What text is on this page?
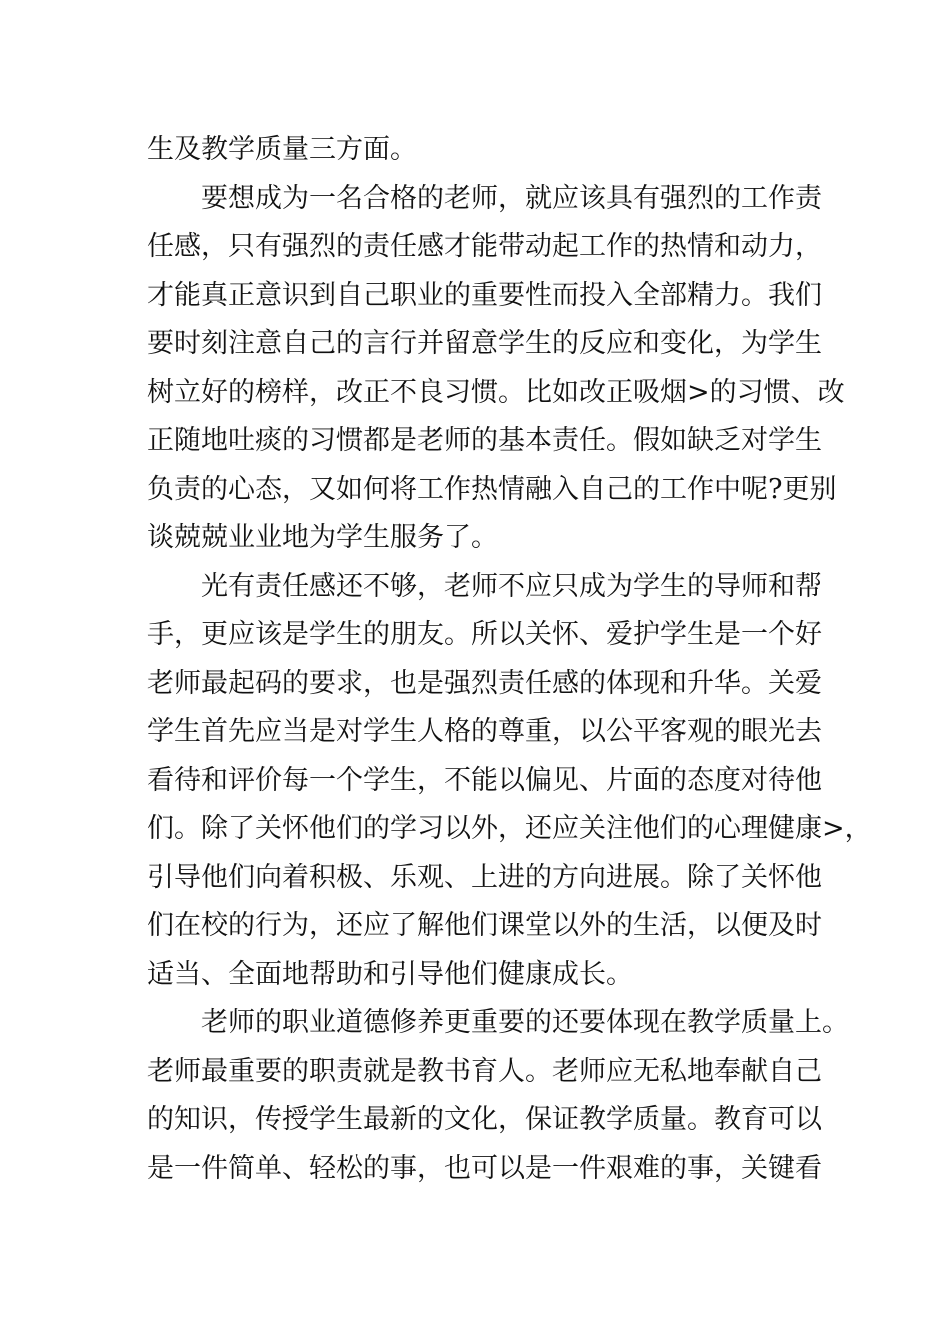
生及教学质量三方面。
要想成为一名合格的老师，就应该具有强烈的工作责
任感，只有强烈的责任感才能带动起工作的热情和动力，
才能真正意识到自己职业的重要性而投入全部精力。我们
要时刻注意自己的言行并留意学生的反应和变化，为学生
树立好的榜样，改正不良习惯。比如改正吸烟>的习惯、改
正随地吐痰的习惯都是老师的基本责任。假如缺乏对学生
负责的心态，又如何将工作热情融入自己的工作中呢?更别
谈兢兢业业地为学生服务了。
光有责任感还不够，老师不应只成为学生的导师和帮
手，更应该是学生的朋友。所以关怀、爱护学生是一个好
老师最起码的要求，也是强烈责任感的体现和升华。关爱
学生首先应当是对学生人格的尊重，以公平客观的眼光去
看待和评价每一个学生，不能以偏见、片面的态度对待他
们。除了关怀他们的学习以外，还应关注他们的心理健康>，
引导他们向着积极、乐观、上进的方向进展。除了关怀他
们在校的行为，还应了解他们课堂以外的生活，以便及时
适当、全面地帮助和引导他们健康成长。
老师的职业道德修养更重要的还要体现在教学质量上。
老师最重要的职责就是教书育人。老师应无私地奉献自己
的知识，传授学生最新的文化，保证教学质量。教育可以
是一件简单、轻松的事，也可以是一件艰难的事，关键看
